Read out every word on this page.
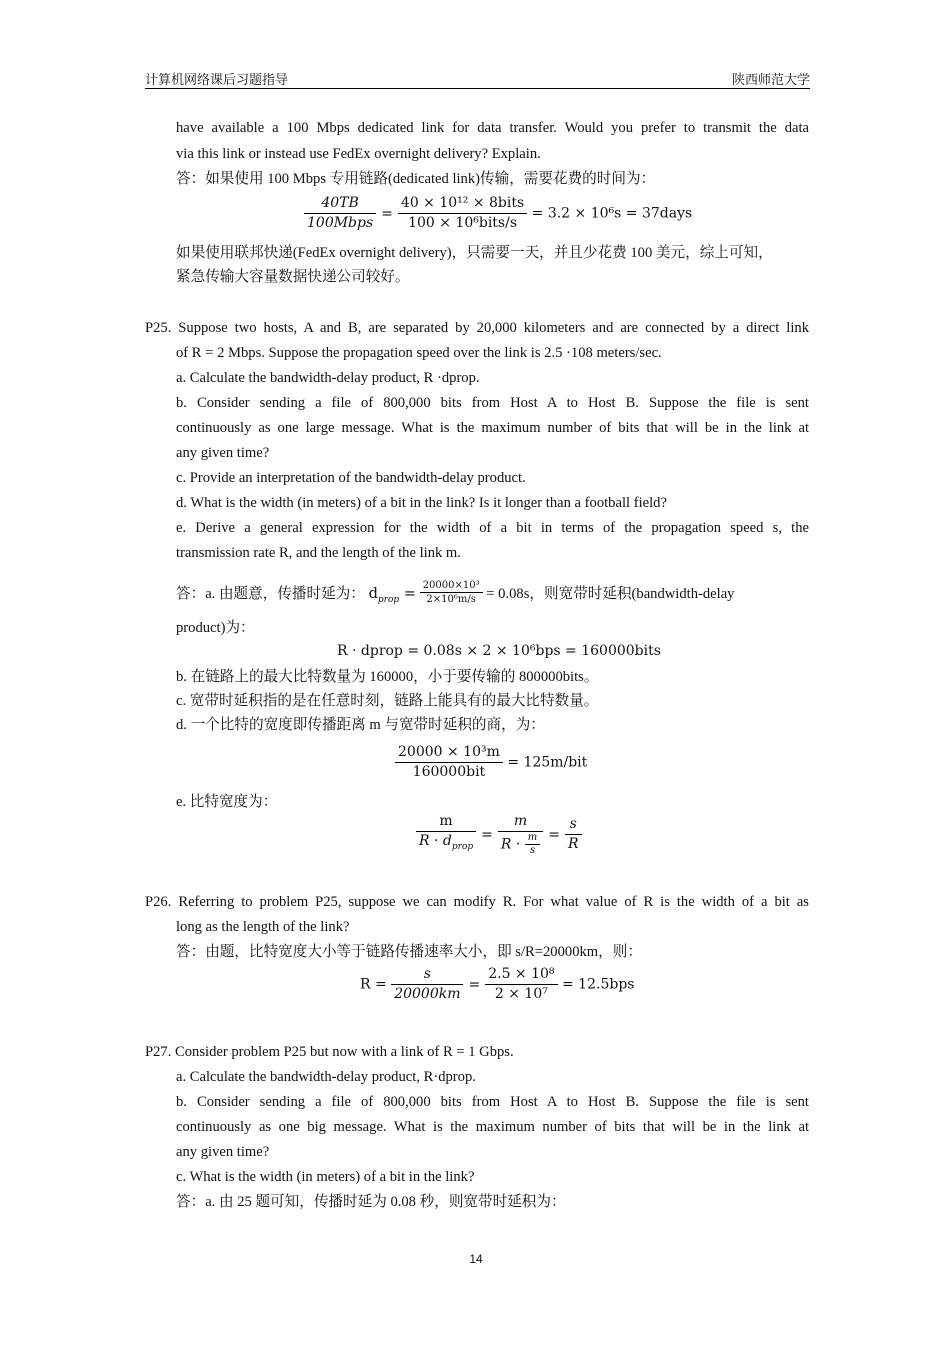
计算机网络课后习题指导	陕西师范大学
have available a 100 Mbps dedicated link for data transfer. Would you prefer to transmit the data
via this link or instead use FedEx overnight delivery? Explain.
答：如果使用 100 Mbps 专用链路(dedicated link)传输，需要花费的时间为：
$\frac{40TB}{\text{100Mbps}} = \frac{\text{40 × 10¹² × 8bits}}{\text{100 × 10⁶bits/s}} = 3.2 \times 10^6s$ = 37days
如果使用联邦快递(FedEx overnight delivery)，只需要一天，并且少花费 100 美元，综上可知，
紧急传输大容量数据快递公司较好。
P25. Suppose two hosts, A and B, are separated by 20,000 kilometers and are connected by a direct link
of R = 2 Mbps. Suppose the propagation speed over the link is 2.5 ·108 meters/sec.
a. Calculate the bandwidth-delay product, R ·dprop.
b. Consider sending a file of 800,000 bits from Host A to Host B. Suppose the file is sent
continuously as one large message. What is the maximum number of bits that will be in the link at
any given time?
c. Provide an interpretation of the bandwidth-delay product.
d. What is the width (in meters) of a bit in the link? Is it longer than a football field?
e. Derive a general expression for the width of a bit in terms of the propagation speed s, the
transmission rate R, and the length of the link m.
答：a. 由题意，传播时延为： $d_{prop} = \frac{\text{20000×10³}}{\text{2×10⁶m/s}} = 0.08s$，则宽带时延积(bandwidth-delay
product)为：
R · dprop = 0.08s × 2 × 10⁶bps = 160000bits
b. 在链路上的最大比特数量为 160000，小于要传输的 800000bits。
c. 宽带时延积指的是在任意时刻，链路上能具有的最大比特数量。
d. 一个比特的宽度即传播距离 m 与宽带时延积的商，为：
$\frac{\text{20000 × 10³m}}{\text{160000bit}} = 125m/bit$
e. 比特宽度为：
$\frac{m}{R \cdot d_{prop}} = \frac{m}{R \cdot \frac{m}{s}} = \frac{s}{R}$
P26. Referring to problem P25, suppose we can modify R. For what value of R is the width of a bit as
long as the length of the link?
答：由题，比特宽度大小等于链路传播速率大小，即 s/R=20000km，则：
$R = \frac{s}{20000km} = \frac{\text{2.5 × 10⁸}}{\text{2 × 10⁷}} = 12.5bps$
P27. Consider problem P25 but now with a link of R = 1 Gbps.
a. Calculate the bandwidth-delay product, R·dprop.
b. Consider sending a file of 800,000 bits from Host A to Host B. Suppose the file is sent
continuously as one big message. What is the maximum number of bits that will be in the link at
any given time?
c. What is the width (in meters) of a bit in the link?
答：a. 由 25 题可知，传播时延为 0.08 秒，则宽带时延积为：
14
